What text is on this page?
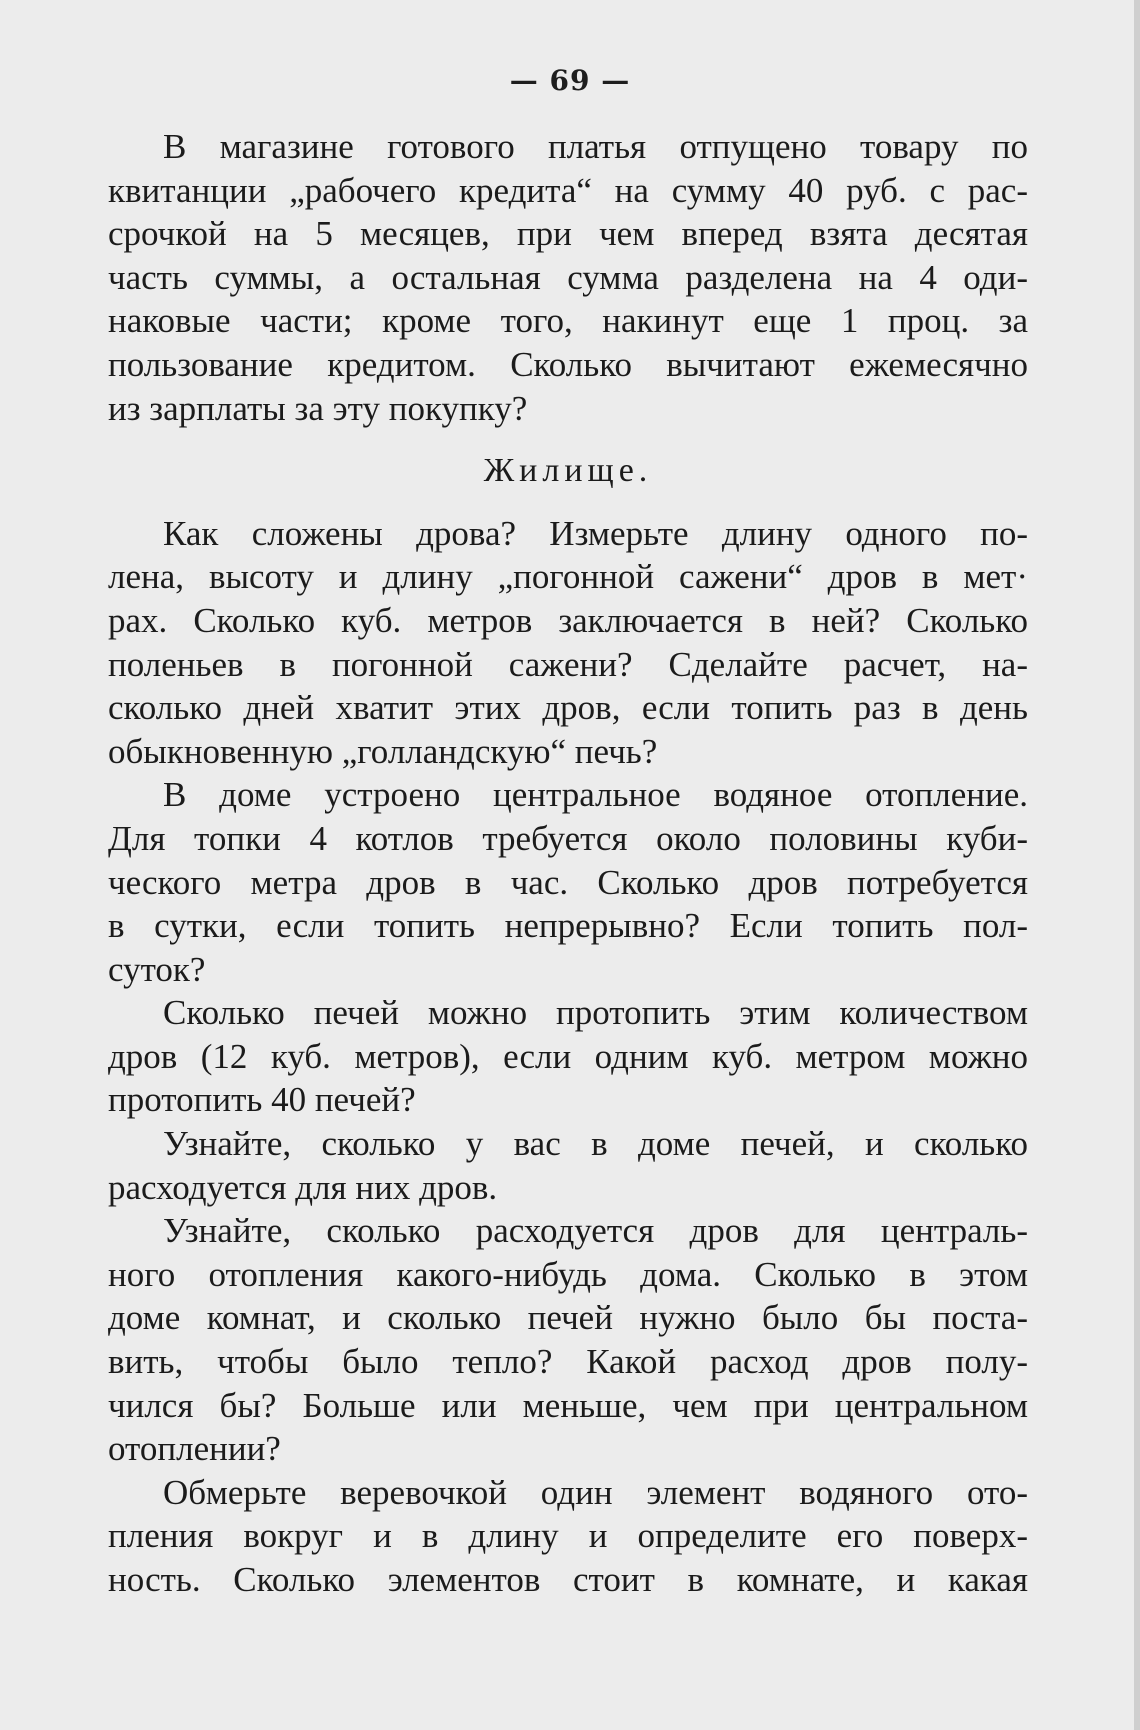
— 69 —
В магазине готового платья отпущено товару по
квитанции „рабочего кредита“ на сумму 40 руб. с рас-
срочкой на 5 месяцев, при чем вперед взята десятая
часть суммы, а остальная сумма разделена на 4 оди-
наковые части; кроме того, накинут еще 1 проц. за
пользование кредитом. Сколько вычитают ежемесячно
из зарплаты за эту покупку?
Жилище.
Как сложены дрова? Измерьте длину одного по-
лена, высоту и длину „погонной сажени“ дров в мет·
рах. Сколько куб. метров заключается в ней? Сколько
поленьев в погонной сажени? Сделайте расчет, на-
сколько дней хватит этих дров, если топить раз в день
обыкновенную „голландскую“ печь?
В доме устроено центральное водяное отопление.
Для топки 4 котлов требуется около половины куби-
ческого метра дров в час. Сколько дров потребуется
в сутки, если топить непрерывно? Если топить пол-
суток?
Сколько печей можно протопить этим количеством
дров (12 куб. метров), если одним куб. метром можно
протопить 40 печей?
Узнайте, сколько у вас в доме печей, и сколько
расходуется для них дров.
Узнайте, сколько расходуется дров для централь-
ного отопления какого-нибудь дома. Сколько в этом
доме комнат, и сколько печей нужно было бы поста-
вить, чтобы было тепло? Какой расход дров полу-
чился бы? Больше или меньше, чем при центральном
отоплении?
Обмерьте веревочкой один элемент водяного ото-
пления вокруг и в длину и определите его поверх-
ность. Сколько элементов стоит в комнате, и какая
